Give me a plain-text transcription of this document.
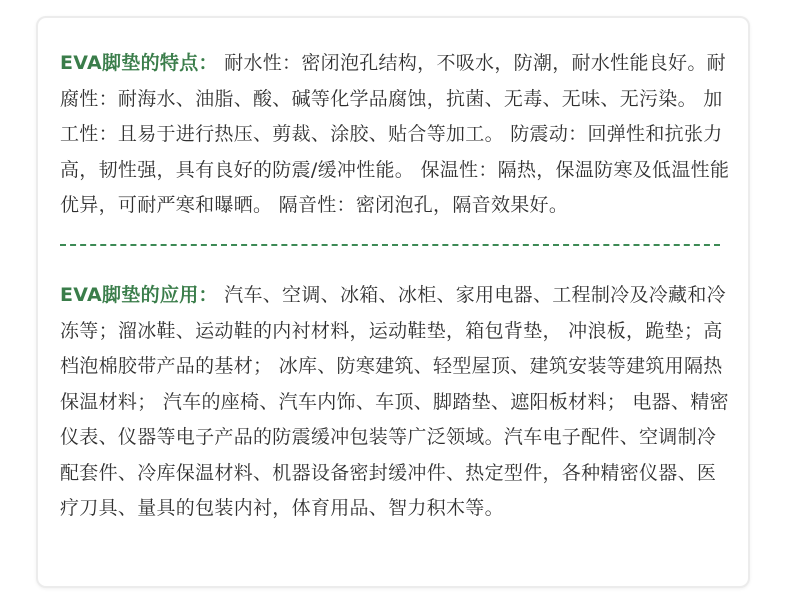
EVA脚垫的特点： 耐水性：密闭泡孔结构，不吸水，防潮，耐水性能良好。耐腐性：耐海水、油脂、酸、碱等化学品腐蚀，抗菌、无毒、无味、无污染。 加工性：且易于进行热压、剪裁、涂胶、贴合等加工。 防震动：回弹性和抗张力高，韧性强，具有良好的防震/缓冲性能。 保温性：隔热，保温防寒及低温性能优异，可耐严寒和曝晒。 隔音性：密闭泡孔，隔音效果好。

EVA脚垫的应用： 汽车、空调、冰箱、冰柜、家用电器、工程制冷及冷藏和冷冻等；溜冰鞋、运动鞋的内衬材料，运动鞋垫，箱包背垫， 冲浪板，跪垫；高档泡棉胶带产品的基材； 冰库、防寒建筑、轻型屋顶、建筑安装等建筑用隔热保温材料； 汽车的座椅、汽车内饰、车顶、脚踏垫、遮阳板材料； 电器、精密仪表、仪器等电子产品的防震缓冲包装等广泛领域。汽车电子配件、空调制冷配套件、冷库保温材料、机器设备密封缓冲件、热定型件，各种精密仪器、医疗刀具、量具的包装内衬，体育用品、智力积木等。
